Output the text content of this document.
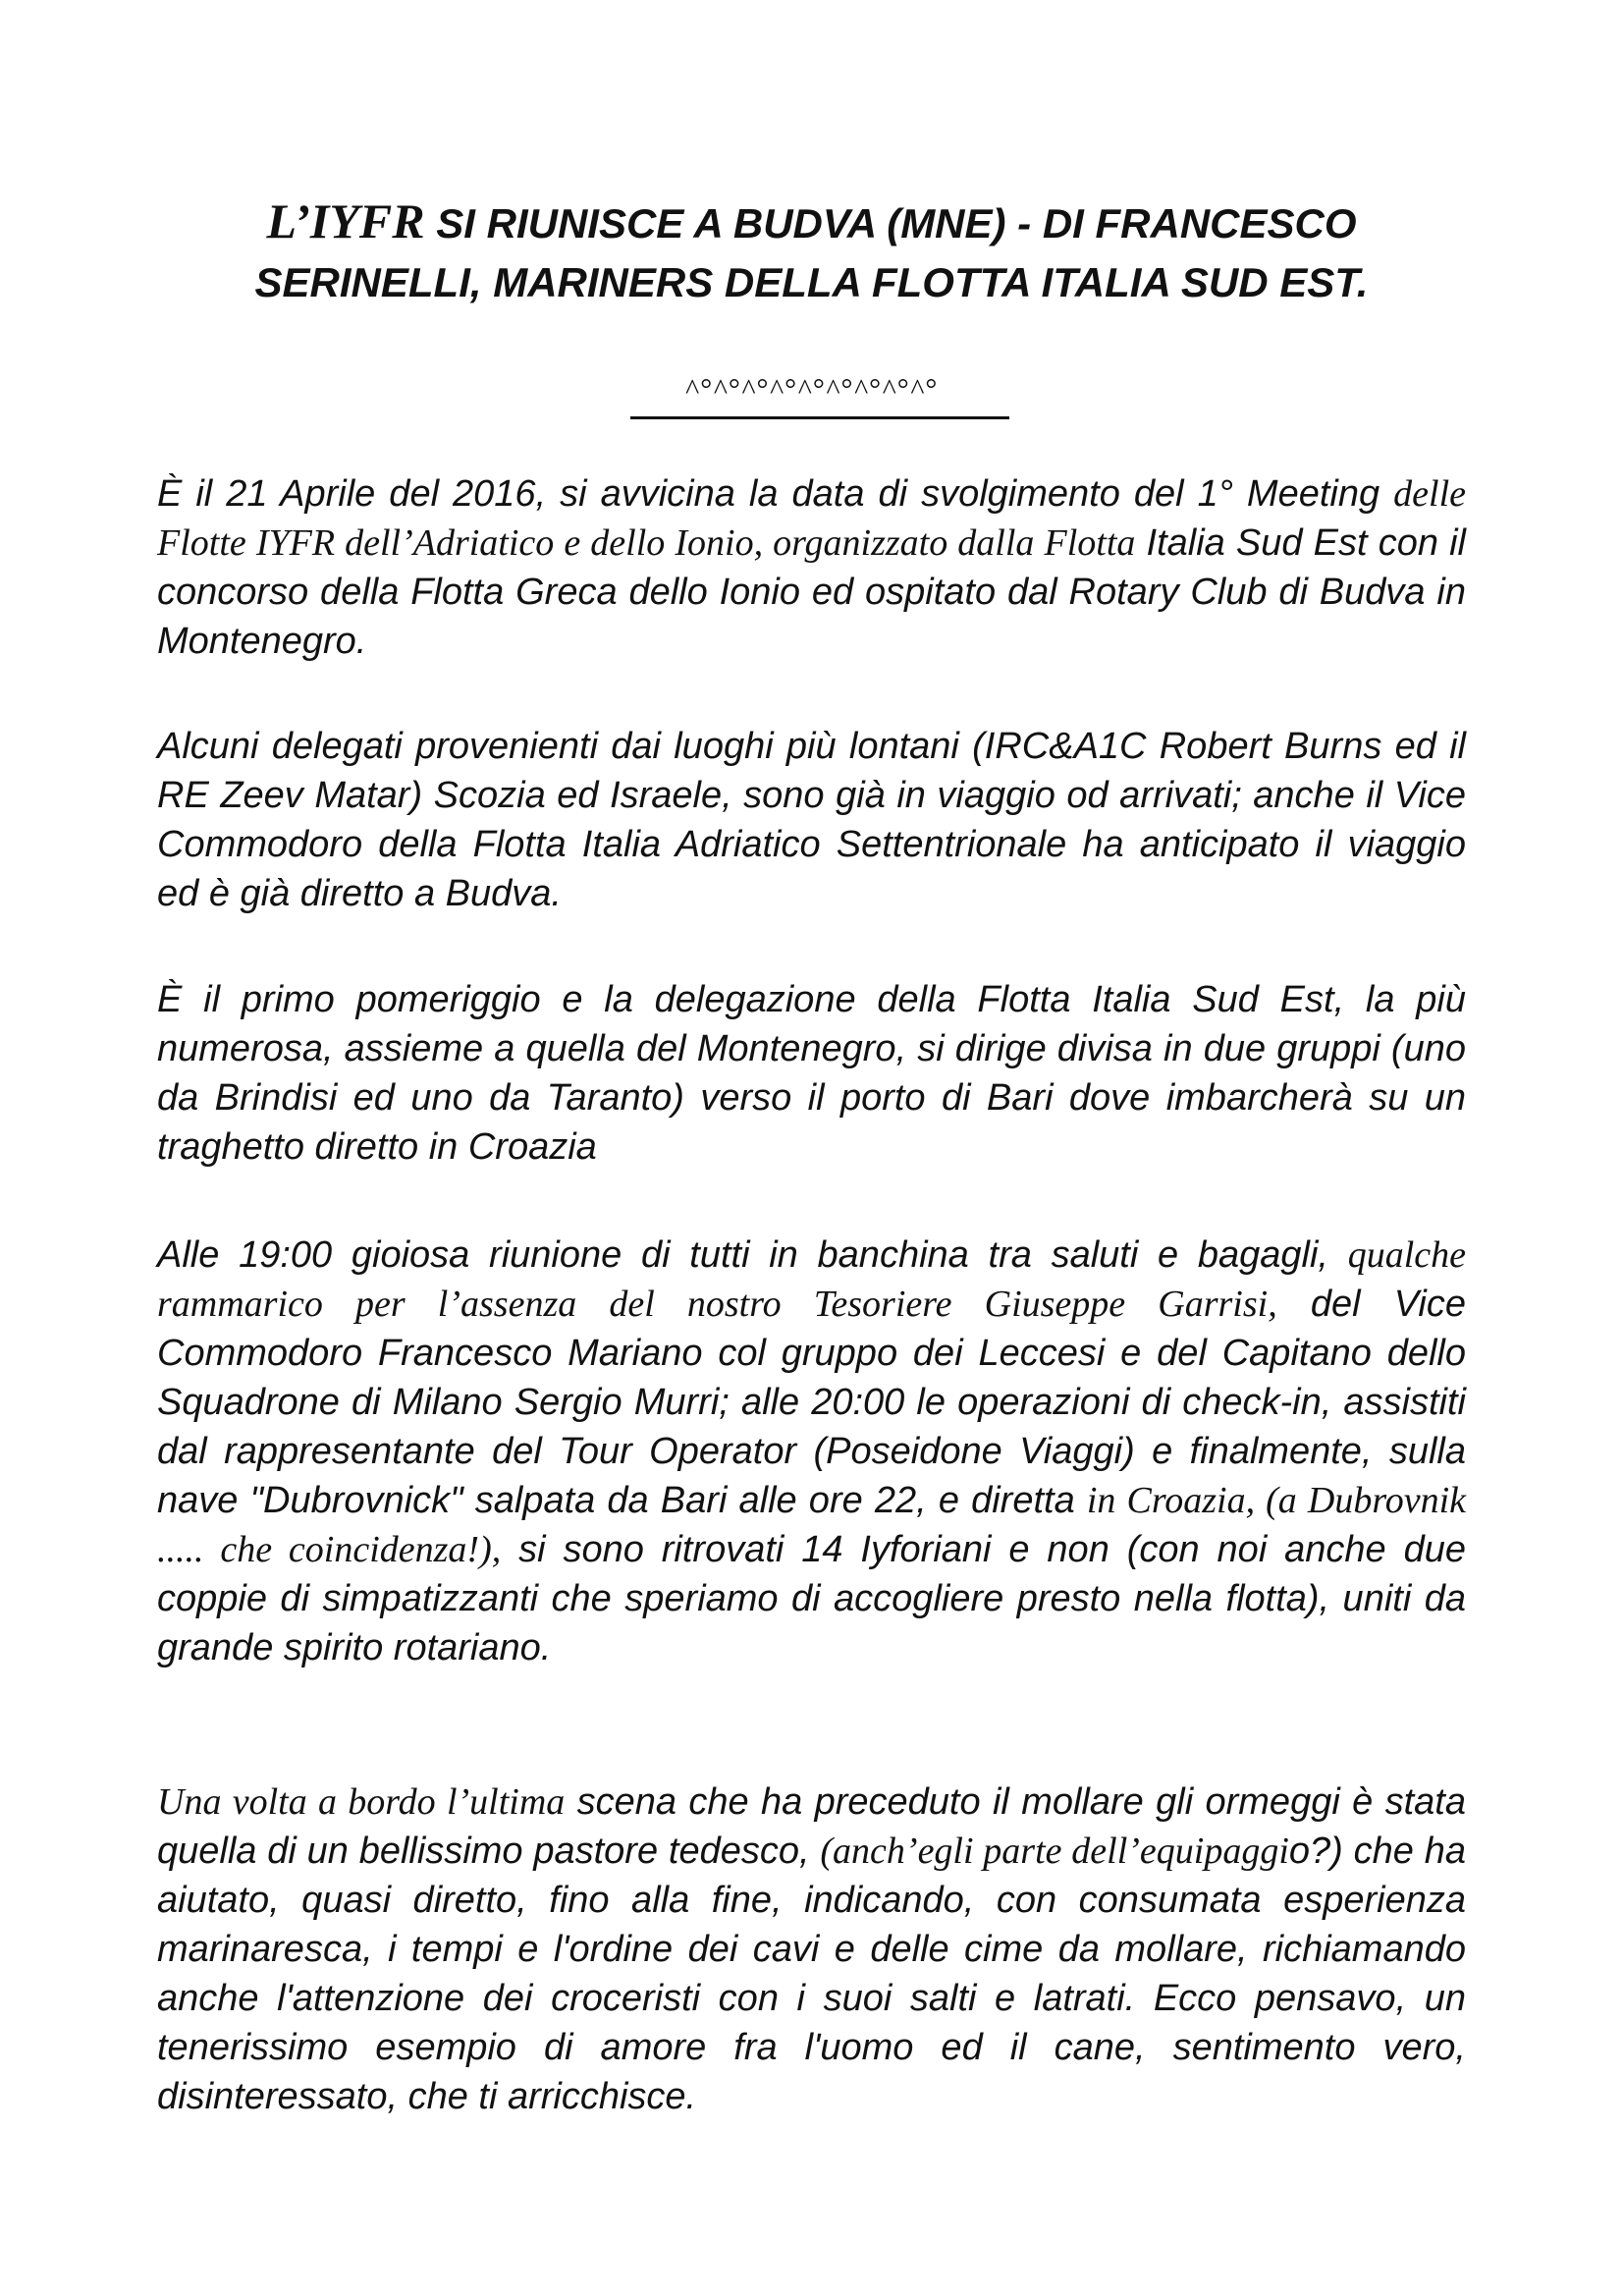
L’IYFR SI RIUNISCE A BUDVA (MNE) - DI FRANCESCO SERINELLI, MARINERS DELLA FLOTTA ITALIA SUD EST.
^°^°^°^°^°^°^°^°^°

È il 21 Aprile del 2016, si avvicina la data di svolgimento del 1° Meeting delle Flotte IYFR dell’Adriatico e dello Ionio, organizzato dalla Flotta Italia Sud Est con il concorso della Flotta Greca dello Ionio ed ospitato dal Rotary Club di Budva in Montenegro.

Alcuni delegati provenienti dai luoghi più lontani (IRC&A1C Robert Burns ed il RE Zeev Matar) Scozia ed Israele, sono già in viaggio od arrivati; anche il Vice Commodoro della Flotta Italia Adriatico Settentrionale ha anticipato il viaggio ed è già diretto a Budva.

È il primo pomeriggio e la delegazione della Flotta Italia Sud Est, la più numerosa, assieme a quella del Montenegro, si dirige divisa in due gruppi (uno da Brindisi ed uno da Taranto) verso il porto di Bari dove imbarcherà su un traghetto diretto in Croazia

Alle 19:00 gioiosa riunione di tutti in banchina tra saluti e bagagli, qualche rammarico per l’assenza del nostro Tesoriere Giuseppe Garrisi, del Vice Commodoro Francesco Mariano col gruppo dei Leccesi e del Capitano dello Squadrone di Milano Sergio Murri; alle 20:00 le operazioni di check-in, assistiti dal rappresentante del Tour Operator (Poseidone Viaggi) e finalmente, sulla nave "Dubrovnick" salpata da Bari alle ore 22, e diretta in Croazia, (a Dubrovnik ..... che coincidenza!), si sono ritrovati 14 Iyforiani e non (con noi anche due coppie di simpatizzanti che speriamo di accogliere presto nella flotta), uniti da grande spirito rotariano.

Una volta a bordo l’ultima scena che ha preceduto il mollare gli ormeggi è stata quella di un bellissimo pastore tedesco, (anch’egli parte dell’equipaggio?) che ha aiutato, quasi diretto, fino alla fine, indicando, con consumata esperienza marinaresca, i tempi e l'ordine dei cavi e delle cime da mollare, richiamando anche l'attenzione dei croceristi con i suoi salti e latrati. Ecco pensavo, un tenerissimo esempio di amore fra l'uomo ed il cane, sentimento vero, disinteressato, che ti arricchisce.
